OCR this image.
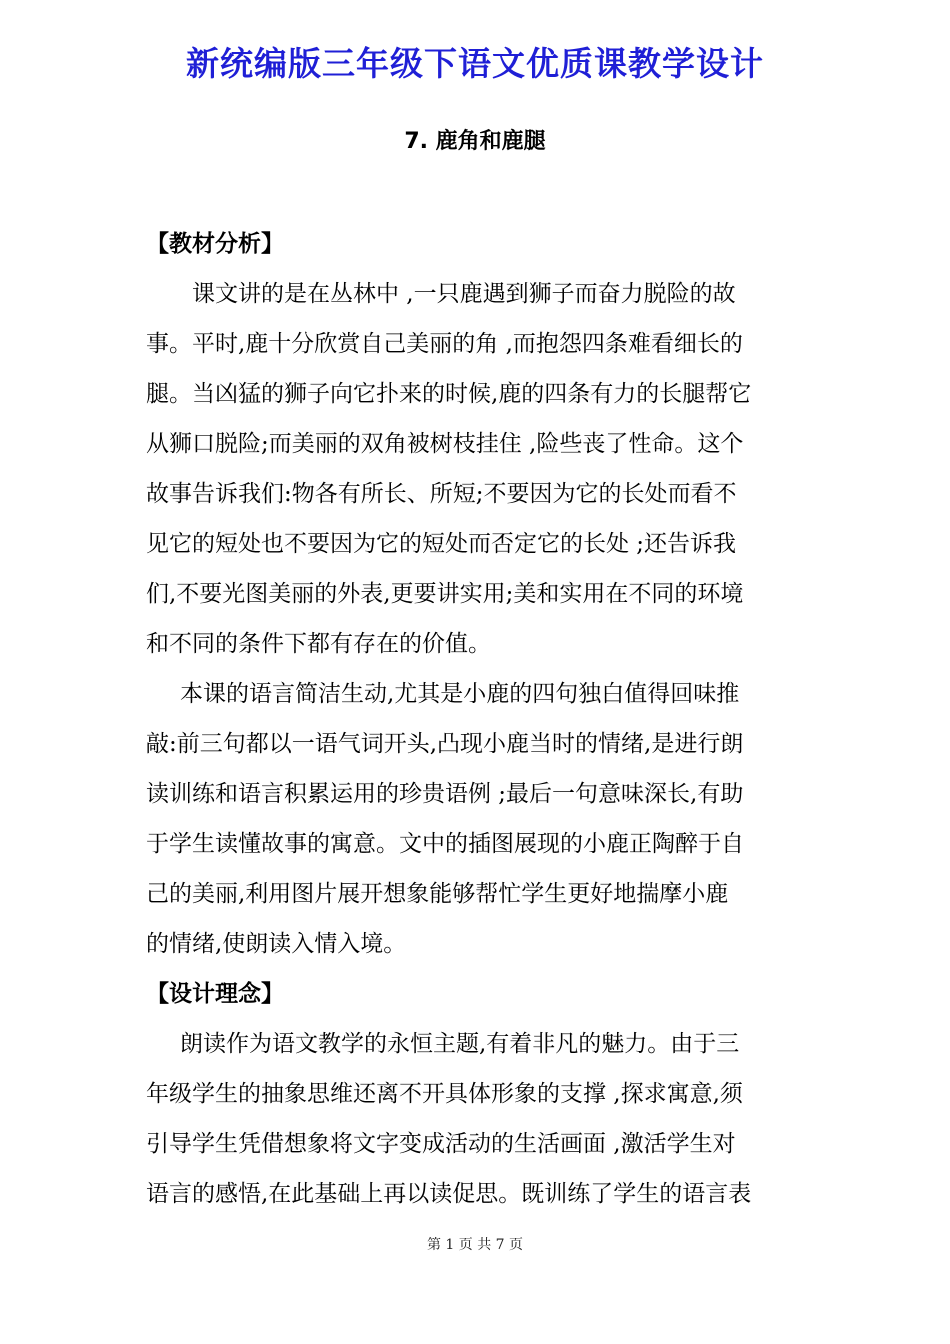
新统编版三年级下语文优质课教学设计
7. 鹿角和鹿腿
【教材分析】
课文讲的是在丛林中 ,一只鹿遇到狮子而奋力脱险的故
事。平时,鹿十分欣赏自己美丽的角 ,而抱怨四条难看细长的
腿。当凶猛的狮子向它扑来的时候,鹿的四条有力的长腿帮它
从狮口脱险;而美丽的双角被树枝挂住 ,险些丧了性命。这个
故事告诉我们:物各有所长、所短;不要因为它的长处而看不
见它的短处也不要因为它的短处而否定它的长处 ;还告诉我
们,不要光图美丽的外表,更要讲实用;美和实用在不同的环境
和不同的条件下都有存在的价值。
本课的语言简洁生动,尤其是小鹿的四句独白值得回味推
敲:前三句都以一语气词开头,凸现小鹿当时的情绪,是进行朗
读训练和语言积累运用的珍贵语例 ;最后一句意味深长,有助
于学生读懂故事的寓意。文中的插图展现的小鹿正陶醉于自
己的美丽,利用图片展开想象能够帮忙学生更好地揣摩小鹿
的情绪,使朗读入情入境。
【设计理念】
朗读作为语文教学的永恒主题,有着非凡的魅力。由于三
年级学生的抽象思维还离不开具体形象的支撑 ,探求寓意,须
引导学生凭借想象将文字变成活动的生活画面 ,激活学生对
语言的感悟,在此基础上再以读促思。既训练了学生的语言表
第 1 页 共 7 页
